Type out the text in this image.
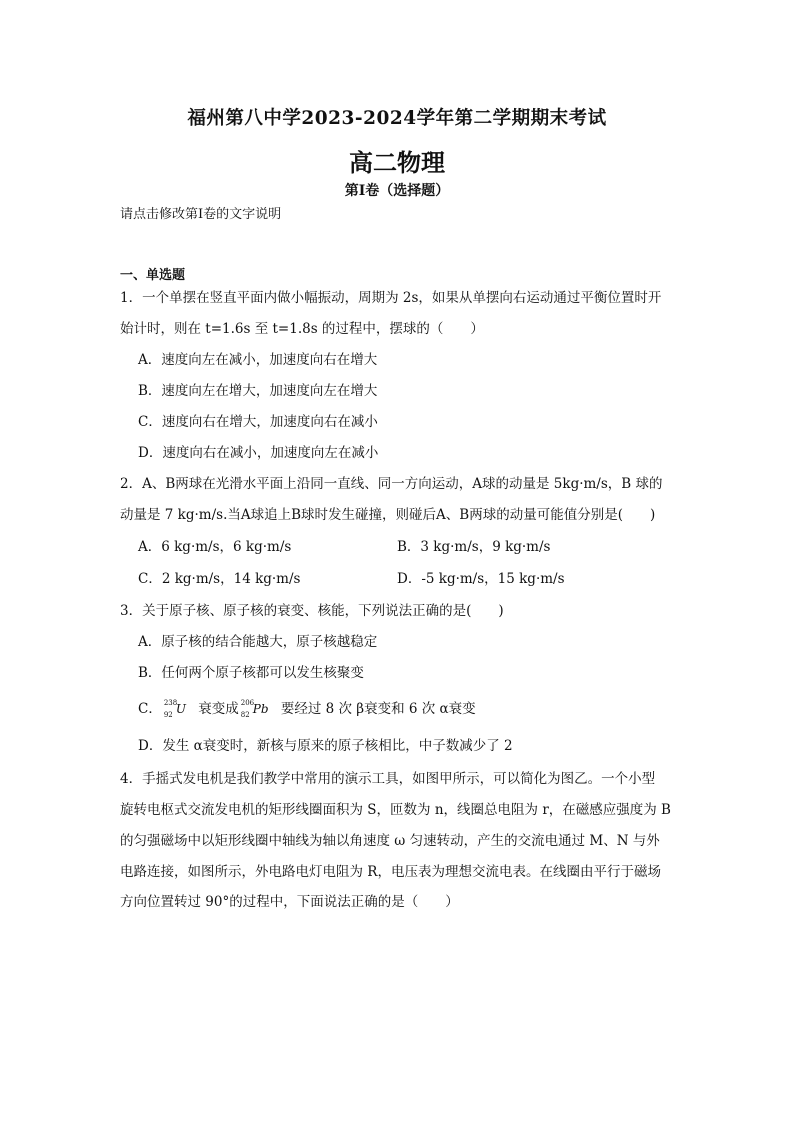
福州第八中学2023-2024学年第二学期期末考试
高二物理
第I卷（选择题）
请点击修改第I卷的文字说明
一、单选题
1．一个单摆在竖直平面内做小幅振动，周期为 2s，如果从单摆向右运动通过平衡位置时开
始计时，则在 t=1.6s 至 t=1.8s 的过程中，摆球的（　　）
A．速度向左在减小，加速度向右在增大
B．速度向左在增大，加速度向左在增大
C．速度向右在增大，加速度向右在减小
D．速度向右在减小，加速度向左在减小
2．A、B两球在光滑水平面上沿同一直线、同一方向运动，A球的动量是 5kg·m/s，B 球的
动量是 7 kg·m/s.当A球追上B球时发生碰撞，则碰后A、B两球的动量可能值分别是(　　)
A．6 kg·m/s，6 kg·m/s	B．3 kg·m/s，9 kg·m/s
C．2 kg·m/s，14 kg·m/s	D．-5 kg·m/s，15 kg·m/s
3．关于原子核、原子核的衰变、核能，下列说法正确的是(　　)
A．原子核的结合能越大，原子核越稳定
B．任何两个原子核都可以发生核聚变
C． 238
92 U 衰变成 206
82 Pb 要经过 8 次 β衰变和 6 次 α衰变
D．发生 α衰变时，新核与原来的原子核相比，中子数减少了 2
4．手摇式发电机是我们教学中常用的演示工具，如图甲所示，可以简化为图乙。一个小型
旋转电枢式交流发电机的矩形线圈面积为 S，匝数为 n，线圈总电阻为 r，在磁感应强度为 B
的匀强磁场中以矩形线圈中轴线为轴以角速度 ω 匀速转动，产生的交流电通过 M、N 与外
电路连接，如图所示，外电路电灯电阻为 R，电压表为理想交流电表。在线圈由平行于磁场
方向位置转过 90°的过程中，下面说法正确的是（　　）
